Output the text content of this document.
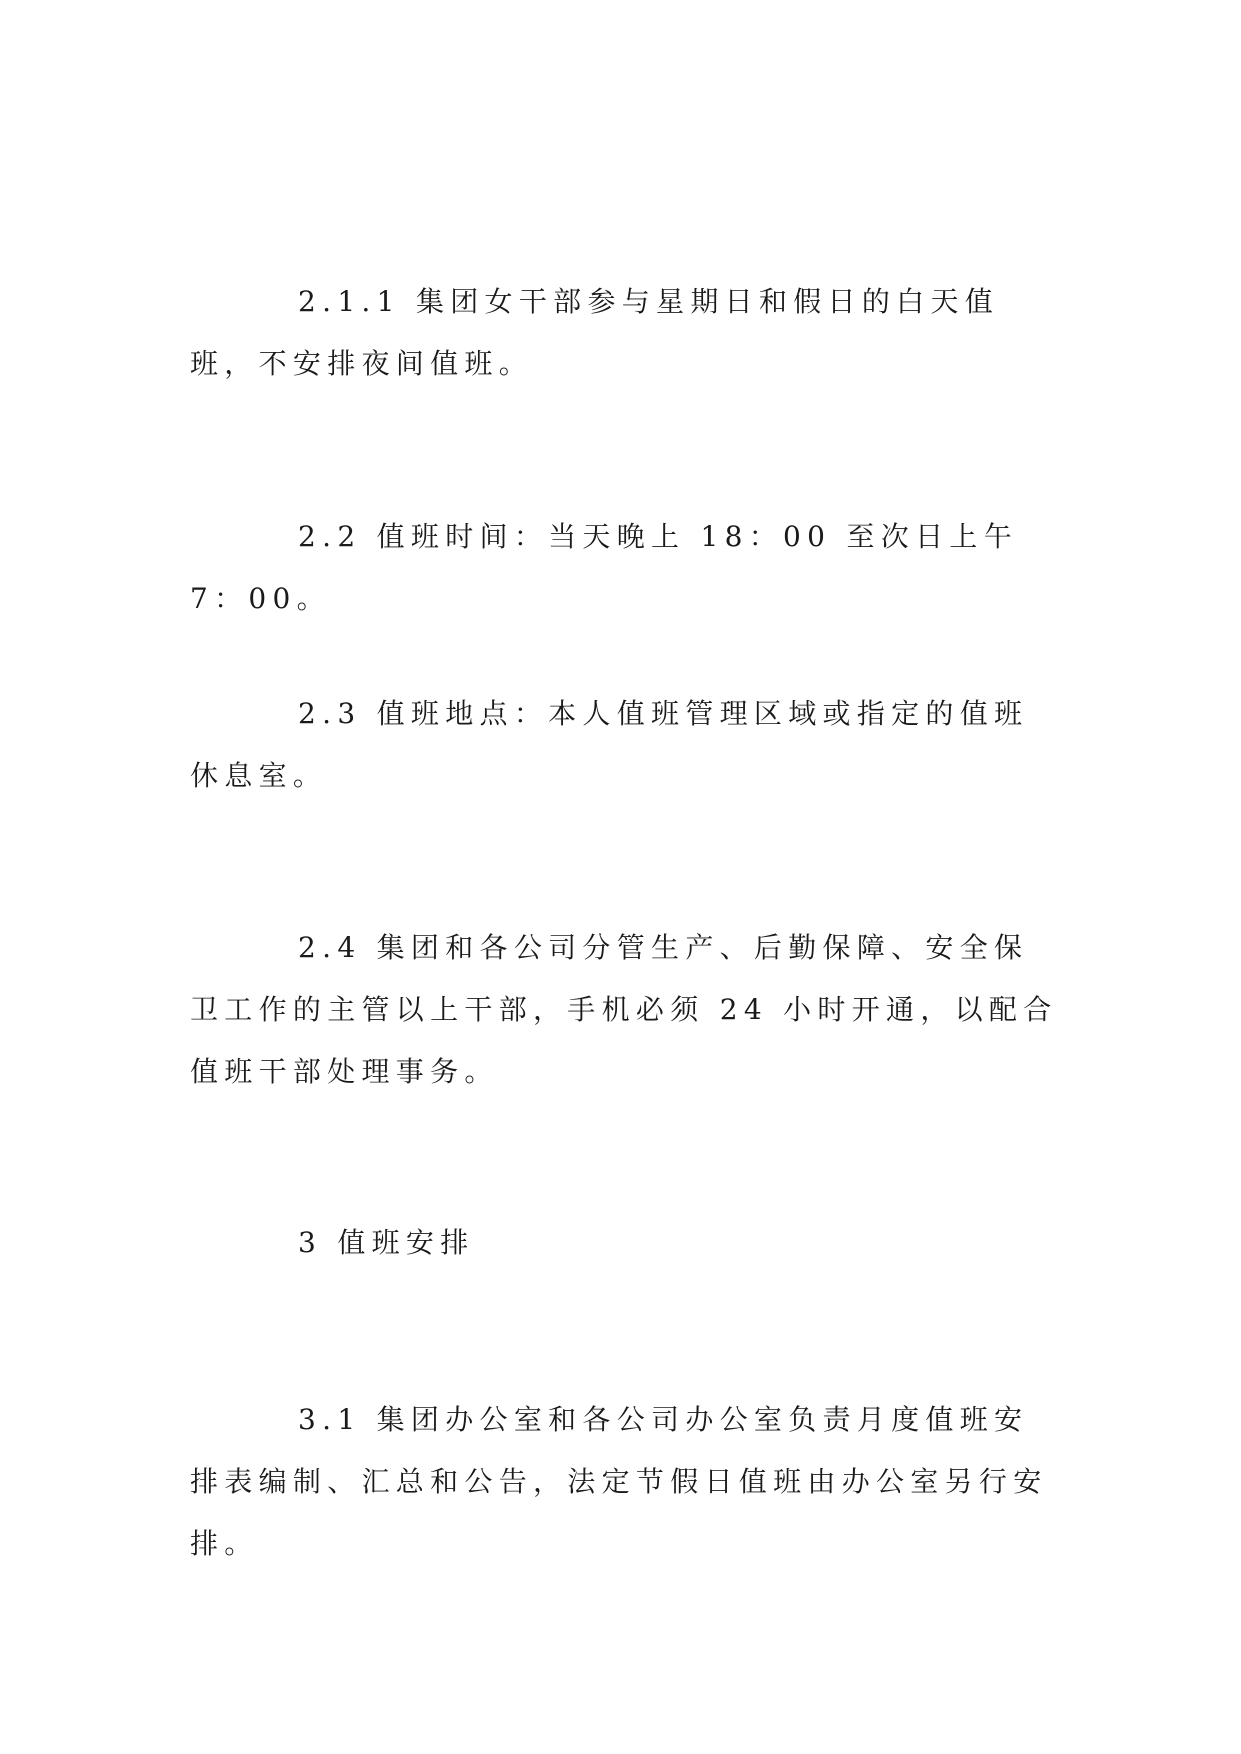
2.1.1 集团女干部参与星期日和假日的白天值班，不安排夜间值班。

2.2 值班时间：当天晚上 18：00 至次日上午 7：00。

2.3 值班地点：本人值班管理区域或指定的值班休息室。

2.4 集团和各公司分管生产、后勤保障、安全保卫工作的主管以上干部，手机必须 24 小时开通，以配合值班干部处理事务。

3 值班安排

3.1 集团办公室和各公司办公室负责月度值班安排表编制、汇总和公告，法定节假日值班由办公室另行安排。
